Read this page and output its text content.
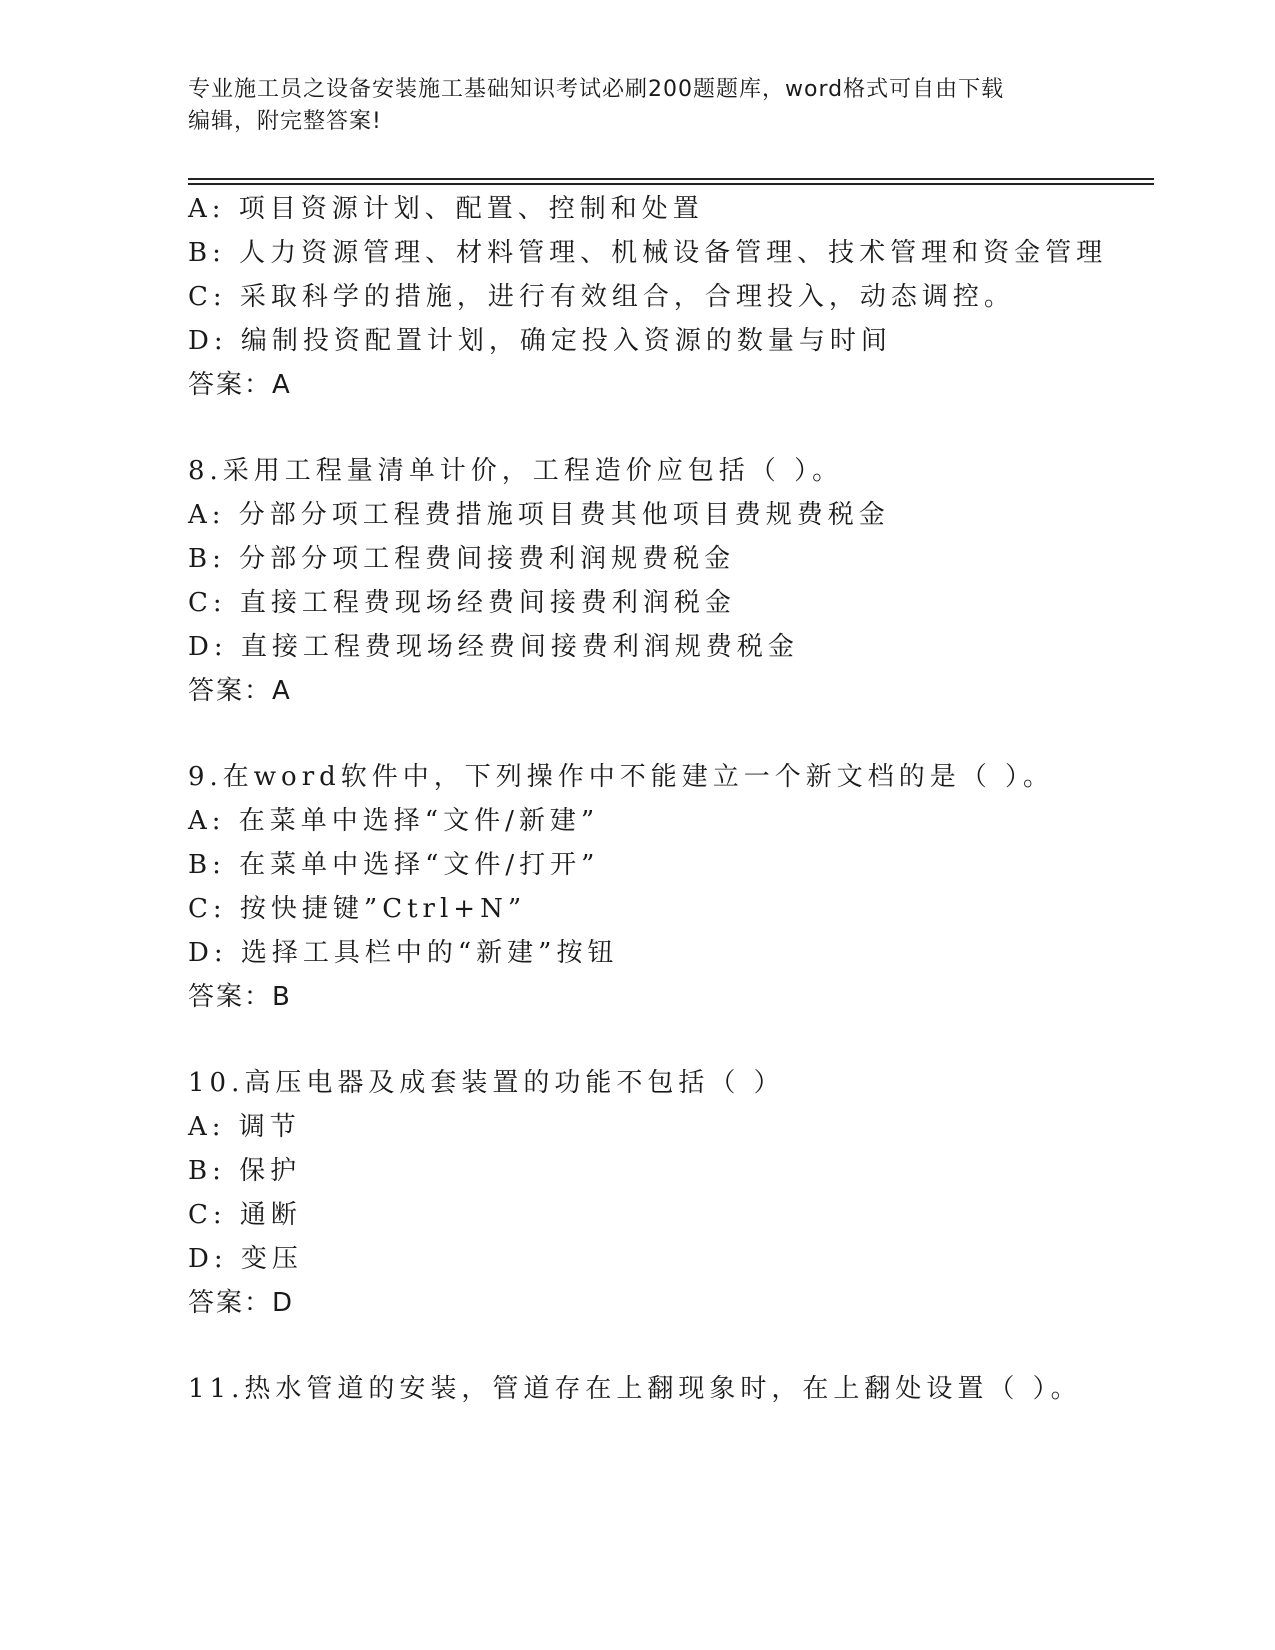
专业施工员之设备安装施工基础知识考试必刷200题题库，word格式可自由下载
编辑，附完整答案!
A: 项目资源计划、配置、控制和处置
B: 人力资源管理、材料管理、机械设备管理、技术管理和资金管理
C: 采取科学的措施，进行有效组合，合理投入，动态调控。
D: 编制投资配置计划，确定投入资源的数量与时间
答案：A
8.采用工程量清单计价，工程造价应包括（ ）。
A: 分部分项工程费措施项目费其他项目费规费税金
B: 分部分项工程费间接费利润规费税金
C: 直接工程费现场经费间接费利润税金
D: 直接工程费现场经费间接费利润规费税金
答案：A
9.在word软件中，下列操作中不能建立一个新文档的是（ ）。
A: 在菜单中选择“文件/新建”
B: 在菜单中选择“文件/打开”
C: 按快捷键”Ctrl+N”
D: 选择工具栏中的“新建”按钮
答案：B
10.高压电器及成套装置的功能不包括（ ）
A: 调节
B: 保护
C: 通断
D: 变压
答案：D
11.热水管道的安装，管道存在上翻现象时，在上翻处设置（ ）。
